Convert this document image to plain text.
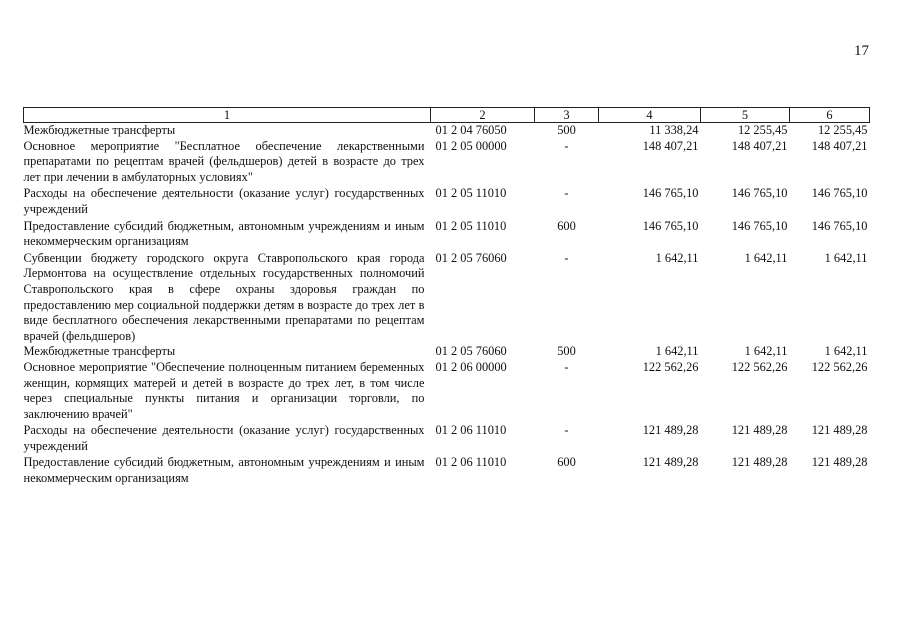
17
1	2	3	4	5	6
Межбюджетные трансферты	01 2 04 76050	500	11 338,24	12 255,45	12 255,45
Основное мероприятие "Бесплатное обеспечение лекарственными препаратами по рецептам врачей (фельдшеров) детей в возрасте до трех лет при лечении в амбулаторных условиях"	01 2 05 00000	-	148 407,21	148 407,21	148 407,21
Расходы на обеспечение деятельности (оказание услуг) государственных учреждений	01 2 05 11010	-	146 765,10	146 765,10	146 765,10
Предоставление субсидий бюджетным, автономным учреждениям и иным некоммерческим организациям	01 2 05 11010	600	146 765,10	146 765,10	146 765,10
Субвенции бюджету городского округа Ставропольского края города Лермонтова на осуществление отдельных государственных полномочий Ставропольского края в сфере охраны здоровья граждан по предоставлению мер социальной поддержки детям в возрасте до трех лет в виде бесплатного обеспечения лекарственными препаратами по рецептам врачей (фельдшеров)	01 2 05 76060	-	1 642,11	1 642,11	1 642,11
Межбюджетные трансферты	01 2 05 76060	500	1 642,11	1 642,11	1 642,11
Основное мероприятие "Обеспечение полноценным питанием беременных женщин, кормящих матерей и детей в возрасте до трех лет, в том числе через специальные пункты питания и организации торговли, по заключению врачей"	01 2 06 00000	-	122 562,26	122 562,26	122 562,26
Расходы на обеспечение деятельности (оказание услуг) государственных учреждений	01 2 06 11010	-	121 489,28	121 489,28	121 489,28
Предоставление субсидий бюджетным, автономным учреждениям и иным некоммерческим организациям	01 2 06 11010	600	121 489,28	121 489,28	121 489,28
